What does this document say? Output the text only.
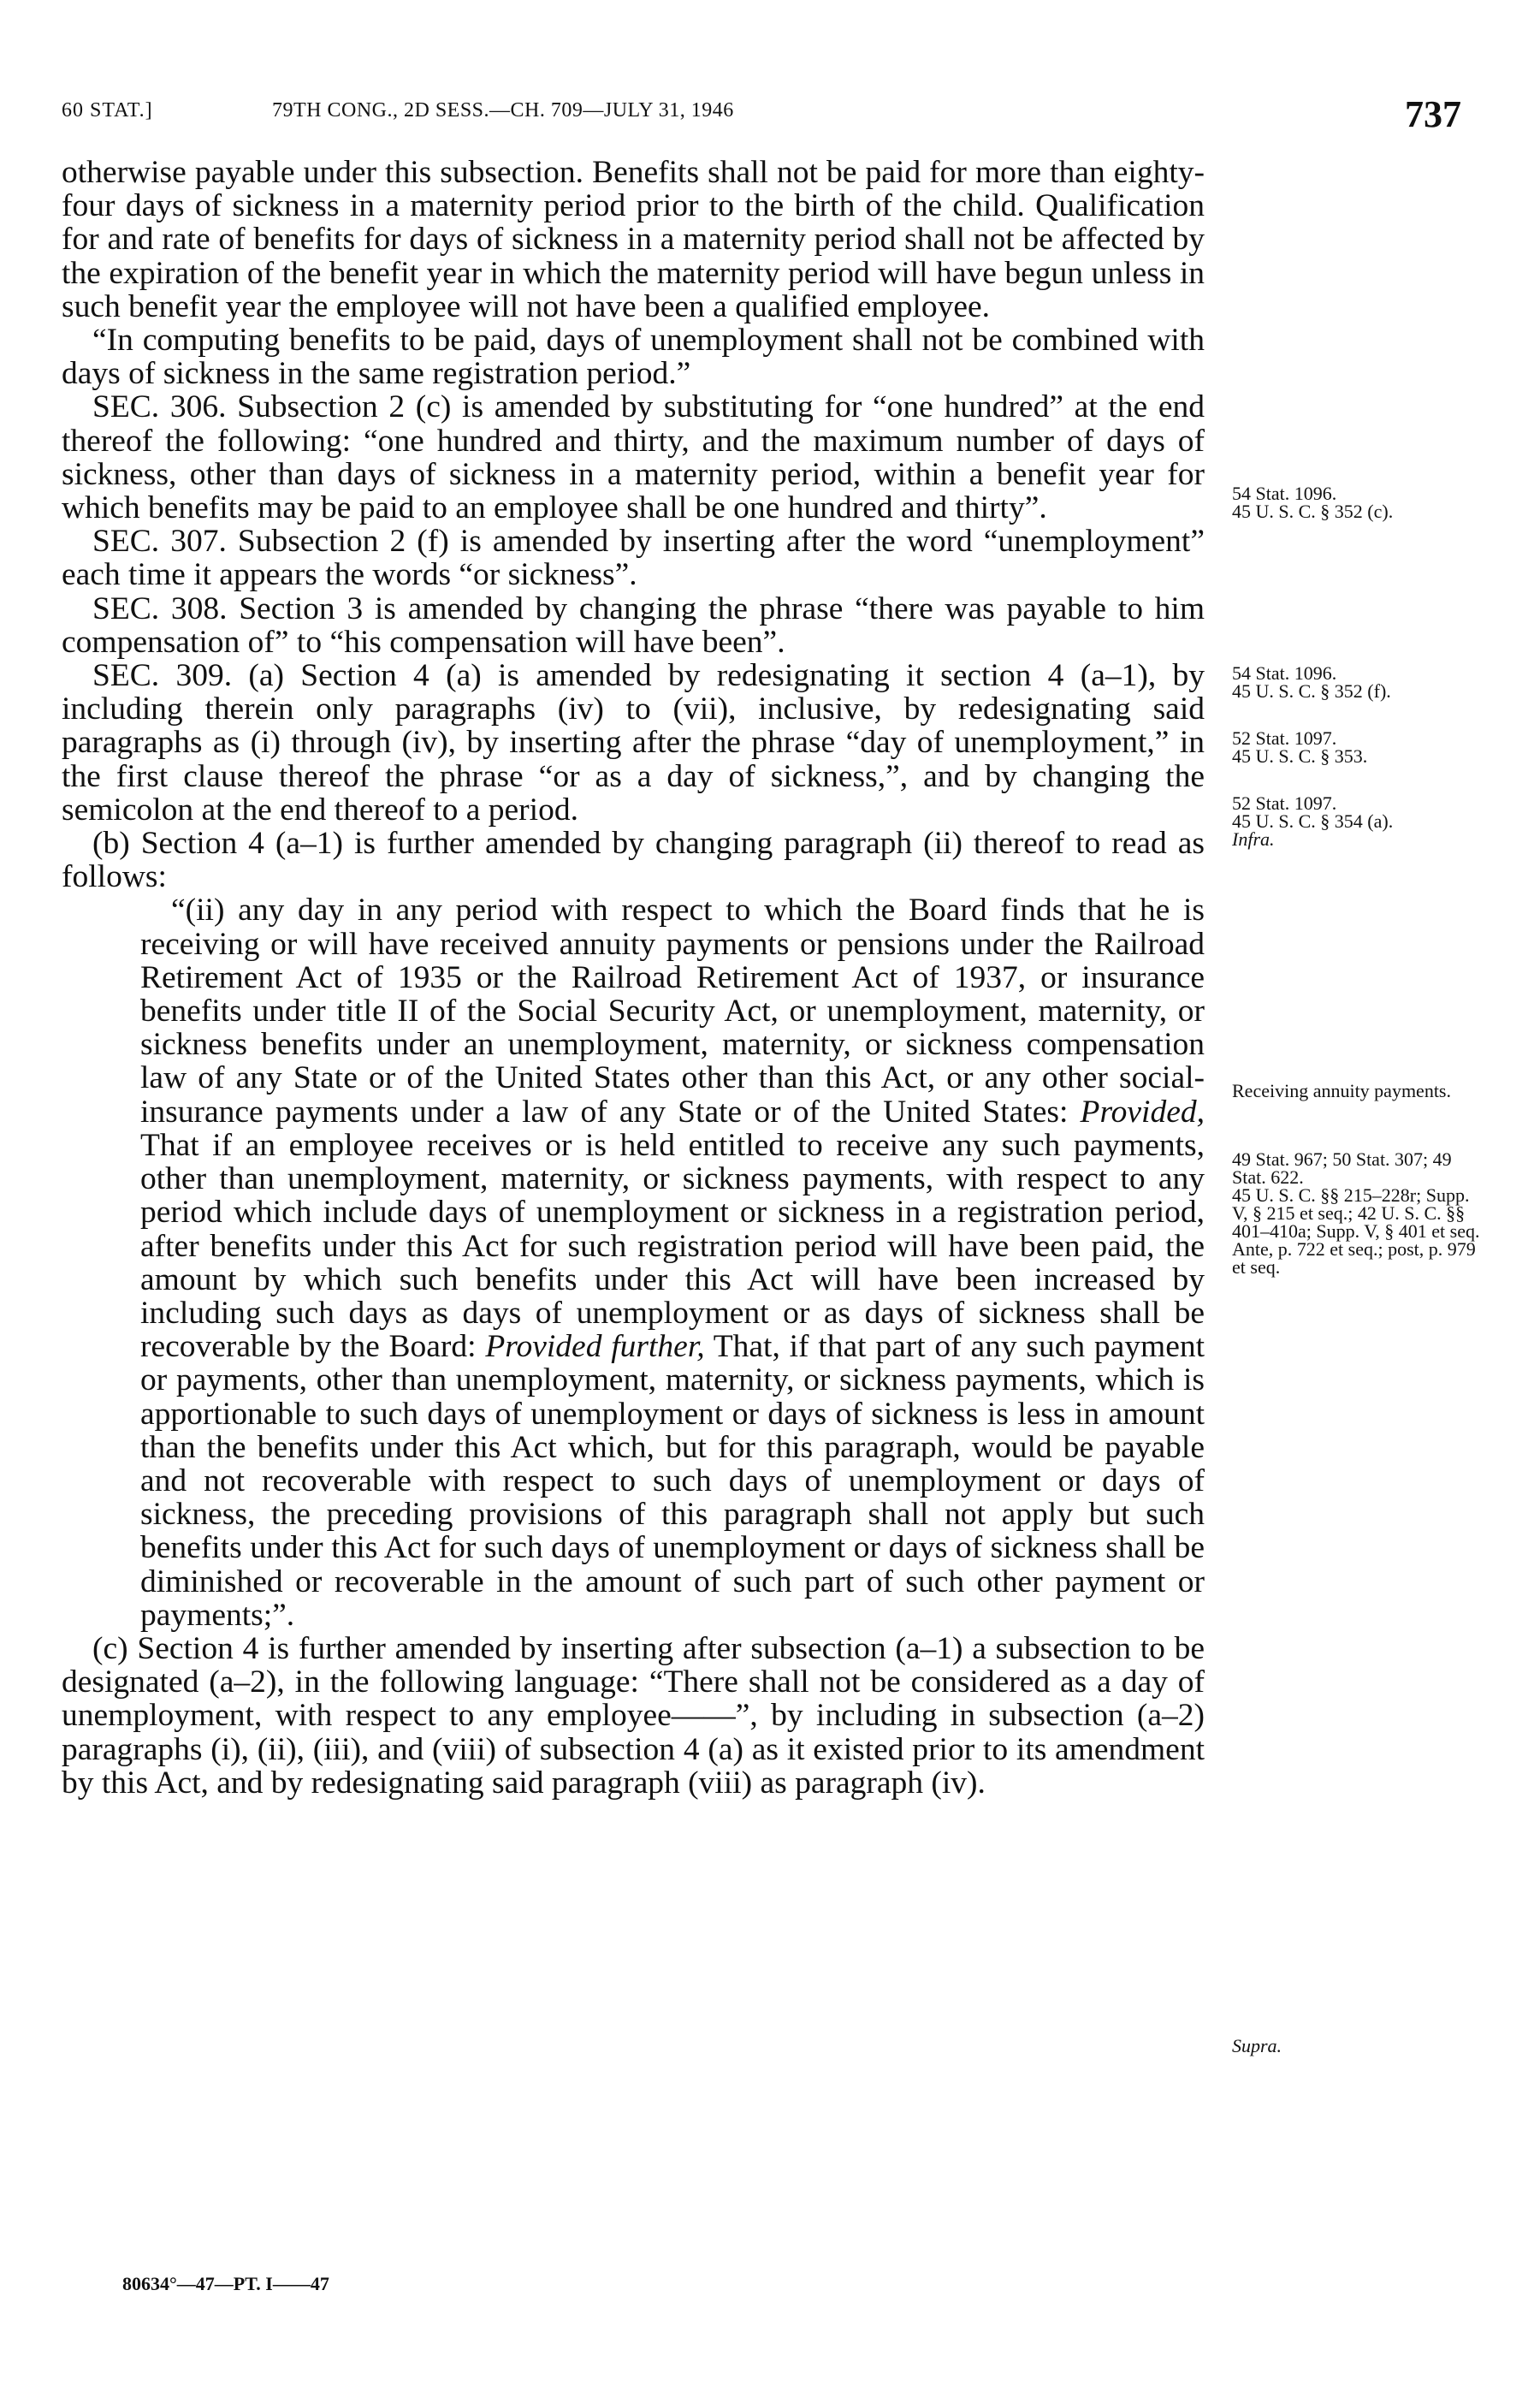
60 STAT.]	79TH CONG., 2D SESS.—CH. 709—JULY 31, 1946	737

otherwise payable under this subsection. Benefits shall not be paid for more than eighty-four days of sickness in a maternity period prior to the birth of the child. Qualification for and rate of benefits for days of sickness in a maternity period shall not be affected by the expiration of the benefit year in which the maternity period will have begun unless in such benefit year the employee will not have been a qualified employee.

“In computing benefits to be paid, days of unemployment shall not be combined with days of sickness in the same registration period.”

SEC. 306. Subsection 2 (c) is amended by substituting for “one hundred” at the end thereof the following: “one hundred and thirty, and the maximum number of days of sickness, other than days of sickness in a maternity period, within a benefit year for which benefits may be paid to an employee shall be one hundred and thirty”.

SEC. 307. Subsection 2 (f) is amended by inserting after the word “unemployment” each time it appears the words “or sickness”.

SEC. 308. Section 3 is amended by changing the phrase “there was payable to him compensation of” to “his compensation will have been”.

SEC. 309. (a) Section 4 (a) is amended by redesignating it section 4 (a–1), by including therein only paragraphs (iv) to (vii), inclusive, by redesignating said paragraphs as (i) through (iv), by inserting after the phrase “day of unemployment,” in the first clause thereof the phrase “or as a day of sickness,”, and by changing the semicolon at the end thereof to a period.

(b) Section 4 (a–1) is further amended by changing paragraph (ii) thereof to read as follows:

“(ii) any day in any period with respect to which the Board finds that he is receiving or will have received annuity payments or pensions under the Railroad Retirement Act of 1935 or the Railroad Retirement Act of 1937, or insurance benefits under title II of the Social Security Act, or unemployment, maternity, or sickness benefits under an unemployment, maternity, or sickness compensation law of any State or of the United States other than this Act, or any other social-insurance payments under a law of any State or of the United States: Provided, That if an employee receives or is held entitled to receive any such payments, other than unemployment, maternity, or sickness payments, with respect to any period which include days of unemployment or sickness in a registration period, after benefits under this Act for such registration period will have been paid, the amount by which such benefits under this Act will have been increased by including such days as days of unemployment or as days of sickness shall be recoverable by the Board: Provided further, That, if that part of any such payment or payments, other than unemployment, maternity, or sickness payments, which is apportionable to such days of unemployment or days of sickness is less in amount than the benefits under this Act which, but for this paragraph, would be payable and not recoverable with respect to such days of unemployment or days of sickness, the preceding provisions of this paragraph shall not apply but such benefits under this Act for such days of unemployment or days of sickness shall be diminished or recoverable in the amount of such part of such other payment or payments;”.

(c) Section 4 is further amended by inserting after subsection (a–1) a subsection to be designated (a–2), in the following language: “There shall not be considered as a day of unemployment, with respect to any employee——”, by including in subsection (a–2) paragraphs (i), (ii), (iii), and (viii) of subsection 4 (a) as it existed prior to its amendment by this Act, and by redesignating said paragraph (viii) as paragraph (iv).

54 Stat. 1096.
45 U. S. C. § 352 (c).
54 Stat. 1096.
45 U. S. C. § 352 (f).
52 Stat. 1097.
45 U. S. C. § 353.
52 Stat. 1097.
45 U. S. C. § 354 (a).
Infra.
Receiving annuity payments.
49 Stat. 967; 50 Stat. 307; 49 Stat. 622.
45 U. S. C. §§ 215–228r; Supp. V, § 215 et seq.; 42 U. S. C. §§ 401–410a; Supp. V, § 401 et seq.
Ante, p. 722 et seq.; post, p. 979 et seq.
Supra.
80634°—47—PT. I——47
